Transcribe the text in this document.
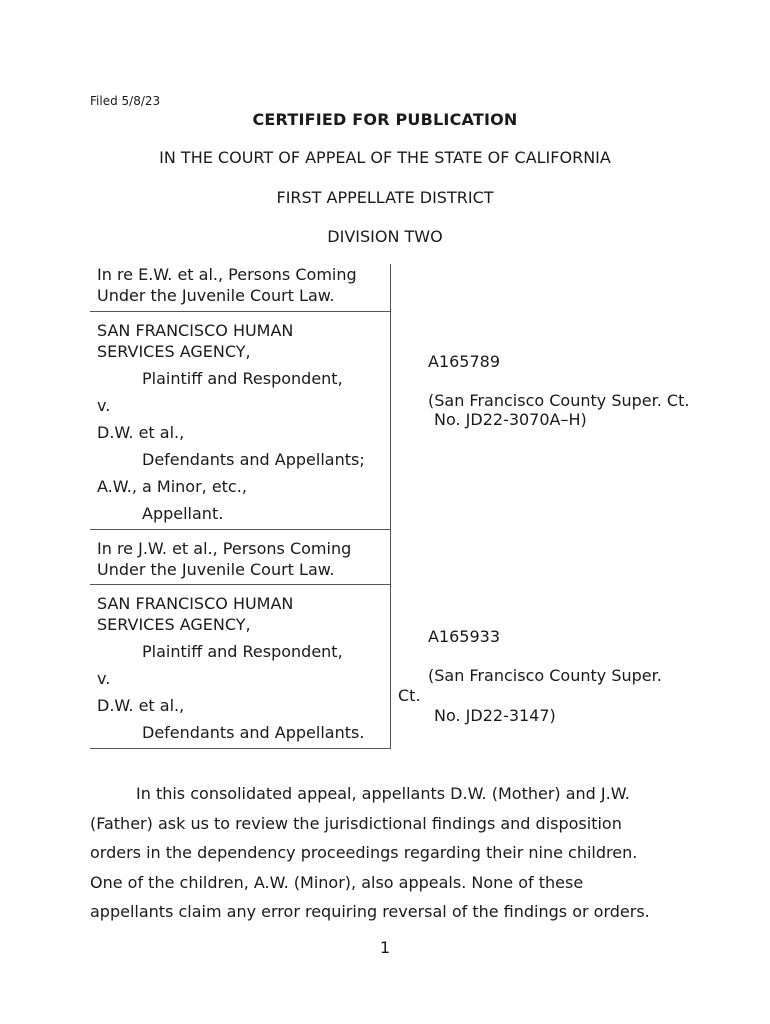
Filed 5/8/23
CERTIFIED FOR PUBLICATION
IN THE COURT OF APPEAL OF THE STATE OF CALIFORNIA
FIRST APPELLATE DISTRICT
DIVISION TWO
In re E.W. et al., Persons Coming
Under the Juvenile Court Law.
SAN FRANCISCO HUMAN
SERVICES AGENCY,
Plaintiff and Respondent,
v.
D.W. et al.,
Defendants and Appellants;
A.W., a Minor, etc.,
Appellant.
In re J.W. et al., Persons Coming
Under the Juvenile Court Law.
SAN FRANCISCO HUMAN
SERVICES AGENCY,
Plaintiff and Respondent,
v.
D.W. et al.,
Defendants and Appellants.
A165789
(San Francisco County Super. Ct.
No. JD22-3070A–H)
A165933
(San Francisco County Super.
Ct.
No. JD22-3147)
In this consolidated appeal, appellants D.W. (Mother) and J.W.
(Father) ask us to review the jurisdictional findings and disposition
orders in the dependency proceedings regarding their nine children.
One of the children, A.W. (Minor), also appeals. None of these
appellants claim any error requiring reversal of the findings or orders.
1
